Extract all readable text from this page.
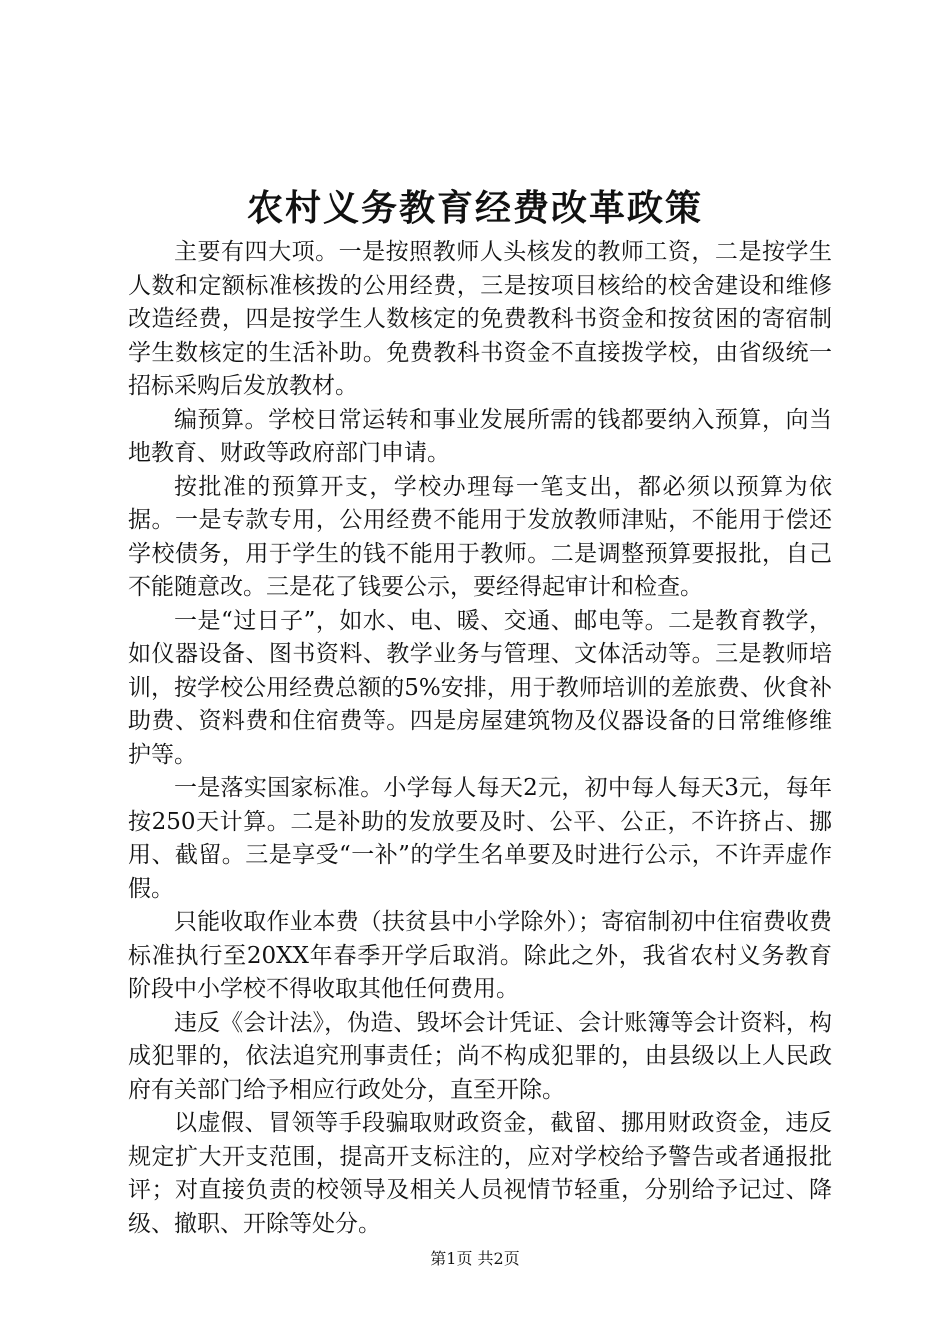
农村义务教育经费改革政策

主要有四大项。一是按照教师人头核发的教师工资，二是按学生人数和定额标准核拨的公用经费，三是按项目核给的校舍建设和维修改造经费，四是按学生人数核定的免费教科书资金和按贫困的寄宿制学生数核定的生活补助。免费教科书资金不直接拨学校，由省级统一招标采购后发放教材。

编预算。学校日常运转和事业发展所需的钱都要纳入预算，向当地教育、财政等政府部门申请。

按批准的预算开支，学校办理每一笔支出，都必须以预算为依据。一是专款专用，公用经费不能用于发放教师津贴，不能用于偿还学校债务，用于学生的钱不能用于教师。二是调整预算要报批，自己不能随意改。三是花了钱要公示，要经得起审计和检查。

一是“过日子”，如水、电、暖、交通、邮电等。二是教育教学，如仪器设备、图书资料、教学业务与管理、文体活动等。三是教师培训，按学校公用经费总额的5%安排，用于教师培训的差旅费、伙食补助费、资料费和住宿费等。四是房屋建筑物及仪器设备的日常维修维护等。

一是落实国家标准。小学每人每天2元，初中每人每天3元，每年按250天计算。二是补助的发放要及时、公平、公正，不许挤占、挪用、截留。三是享受“一补”的学生名单要及时进行公示，不许弄虚作假。

只能收取作业本费（扶贫县中小学除外）；寄宿制初中住宿费收费标准执行至20XX年春季开学后取消。除此之外，我省农村义务教育阶段中小学校不得收取其他任何费用。

违反《会计法》，伪造、毁坏会计凭证、会计账簿等会计资料，构成犯罪的，依法追究刑事责任；尚不构成犯罪的，由县级以上人民政府有关部门给予相应行政处分，直至开除。

以虚假、冒领等手段骗取财政资金，截留、挪用财政资金，违反规定扩大开支范围，提高开支标注的，应对学校给予警告或者通报批评；对直接负责的校领导及相关人员视情节轻重，分别给予记过、降级、撤职、开除等处分。

第1页 共2页
